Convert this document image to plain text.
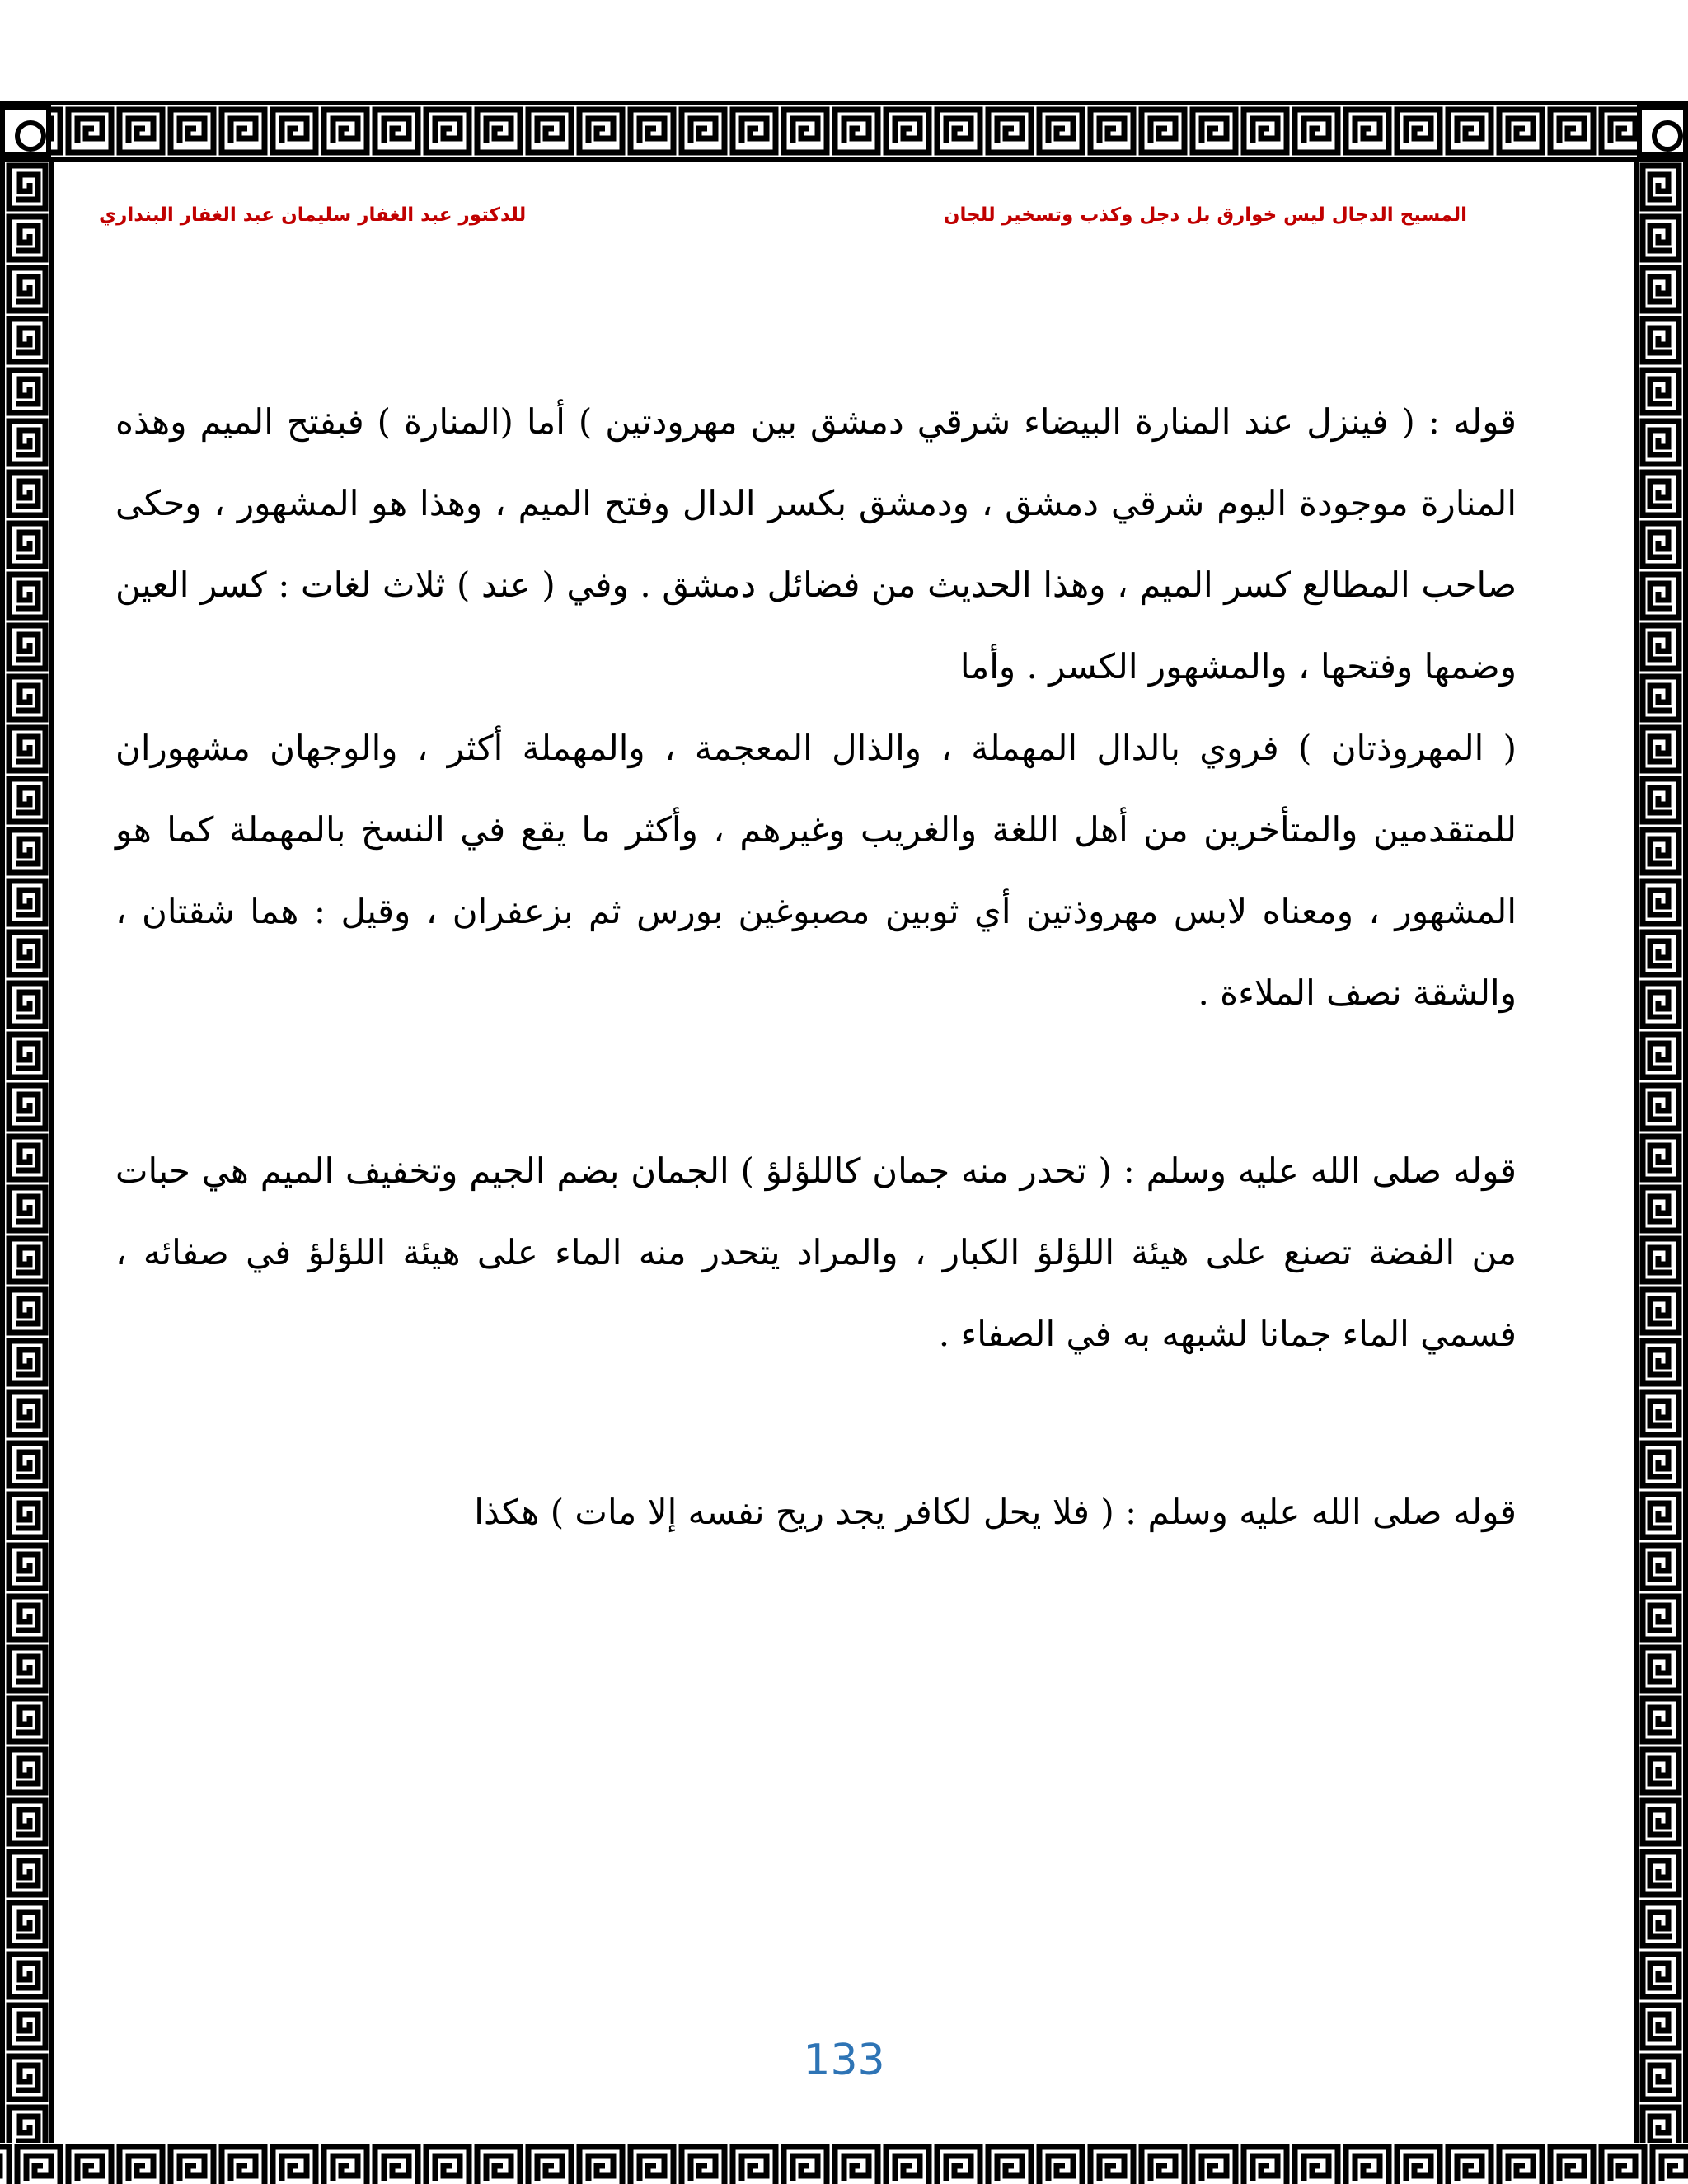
المسيح الدجال ليس خوارق بل دجل وكذب وتسخير للجان
للدكتور عبد الغفار سليمان عبد الغفار البنداري

قوله : ( فينزل عند المنارة البيضاء شرقي دمشق بين مهرودتين ) أما (المنارة ) فبفتح الميم وهذه المنارة موجودة اليوم شرقي دمشق ، ودمشق بكسر الدال وفتح الميم ، وهذا هو المشهور ، وحكى صاحب المطالع كسر الميم ، وهذا الحديث من فضائل دمشق . وفي ( عند ) ثلاث لغات : كسر العين وضمها وفتحها ، والمشهور الكسر . وأما

( المهروذتان ) فروي بالدال المهملة ، والذال المعجمة ، والمهملة أكثر ، والوجهان مشهوران للمتقدمين والمتأخرين من أهل اللغة والغريب وغيرهم ، وأكثر ما يقع في النسخ بالمهملة كما هو المشهور ، ومعناه لابس مهروذتين أي ثوبين مصبوغين بورس ثم بزعفران ، وقيل : هما شقتان ، والشقة نصف الملاءة .

قوله صلى الله عليه وسلم : ( تحدر منه جمان كاللؤلؤ ) الجمان بضم الجيم وتخفيف الميم هي حبات من الفضة تصنع على هيئة اللؤلؤ الكبار ، والمراد يتحدر منه الماء على هيئة اللؤلؤ في صفائه ، فسمي الماء جمانا لشبهه به في الصفاء .

قوله صلى الله عليه وسلم : ( فلا يحل لكافر يجد ريح نفسه إلا مات ) هكذا

133
